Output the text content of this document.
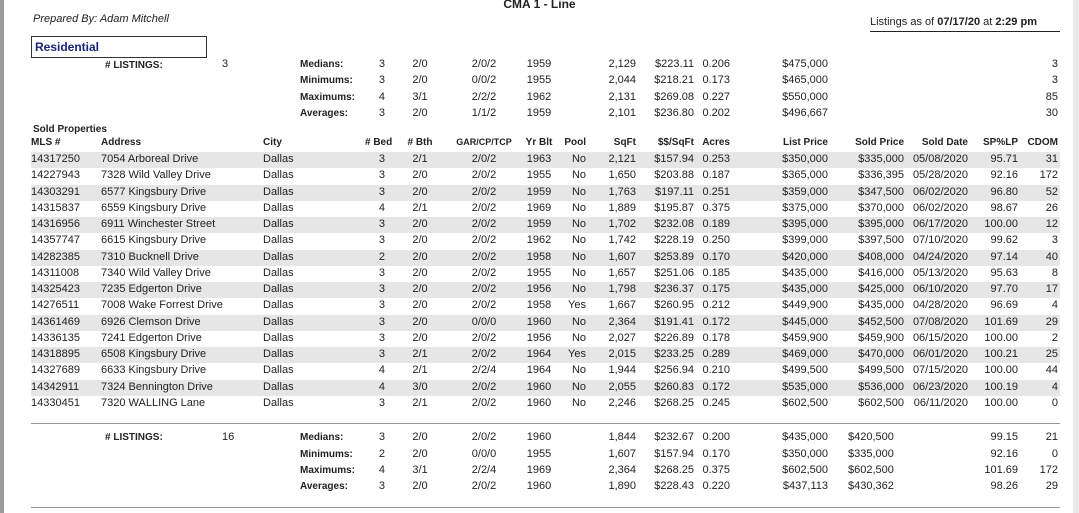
CMA 1 - Line
Prepared By: Adam Mitchell	Listings as of 07/17/20 at 2:29 pm
Residential
# LISTINGS:	3	Medians:	3	2/0	2/0/2	1959	2,129	$223.11 0.206	$475,000	3
Minimums:	3	2/0	0/0/2	1955	2,044	$218.21 0.173	$465,000	3
Maximums:	4	3/1	2/2/2	1962	2,131	$269.08 0.227	$550,000	85
Averages:	3	2/0	1/1/2	1959	2,101	$236.80 0.202	$496,667	30
Sold Properties
MLS #	Address	City	# Bed # Bth	GAR/CP/TCP	Yr Blt	Pool	SqFt	$$/SqFt Acres	List Price	Sold Price	Sold Date	SP%LP CDOM
14317250	7054 Arboreal Drive	Dallas	3	2/1	2/0/2	1963	No	2,121	$157.94 0.253	$350,000	$335,000 05/08/2020	95.71	31
14227943	7328 Wild Valley Drive	Dallas	3	2/0	2/0/2	1955	No	1,650	$203.88 0.187	$365,000	$336,395 05/28/2020	92.16	172
14303291	6577 Kingsbury Drive	Dallas	3	2/0	2/0/2	1959	No	1,763	$197.11 0.251	$359,000	$347,500 06/02/2020	96.80	52
14315837	6559 Kingsbury Drive	Dallas	4	2/1	2/0/2	1969	No	1,889	$195.87 0.375	$375,000	$370,000 06/02/2020	98.67	26
14316956	6911 Winchester Street	Dallas	3	2/0	2/0/2	1959	No	1,702	$232.08 0.189	$395,000	$395,000 06/17/2020	100.00	12
14357747	6615 Kingsbury Drive	Dallas	3	2/0	2/0/2	1962	No	1,742	$228.19 0.250	$399,000	$397,500 07/10/2020	99.62	3
14282385	7310 Bucknell Drive	Dallas	2	2/0	2/0/2	1958	No	1,607	$253.89 0.170	$420,000	$408,000 04/24/2020	97.14	40
14311008	7340 Wild Valley Drive	Dallas	3	2/0	2/0/2	1955	No	1,657	$251.06 0.185	$435,000	$416,000 05/13/2020	95.63	8
14325423	7235 Edgerton Drive	Dallas	3	2/0	2/0/2	1956	No	1,798	$236.37 0.175	$435,000	$425,000 06/10/2020	97.70	17
14276511	7008 Wake Forrest Drive	Dallas	3	2/0	2/0/2	1958	Yes	1,667	$260.95 0.212	$449,900	$435,000 04/28/2020	96.69	4
14361469	6926 Clemson Drive	Dallas	3	2/0	0/0/0	1960	No	2,364	$191.41 0.172	$445,000	$452,500 07/08/2020	101.69	29
14336135	7241 Edgerton Drive	Dallas	3	2/0	2/0/2	1956	No	2,027	$226.89 0.178	$459,900	$459,900 06/15/2020	100.00	2
14318895	6508 Kingsbury Drive	Dallas	3	2/1	2/0/2	1964	Yes	2,015	$233.25 0.289	$469,000	$470,000 06/01/2020	100.21	25
14327689	6633 Kingsbury Drive	Dallas	4	2/1	2/2/4	1964	No	1,944	$256.94 0.210	$499,500	$499,500 07/15/2020	100.00	44
14342911	7324 Bennington Drive	Dallas	4	3/0	2/0/2	1960	No	2,055	$260.83 0.172	$535,000	$536,000 06/23/2020	100.19	4
14330451	7320 WALLING Lane	Dallas	3	2/1	2/0/2	1960	No	2,246	$268.25 0.245	$602,500	$602,500 06/11/2020	100.00	0
# LISTINGS:	16	Medians:	3	2/0	2/0/2	1960	1,844	$232.67 0.200	$435,000 $420,500	99.15	21
Minimums:	2	2/0	0/0/0	1955	1,607	$157.94 0.170	$350,000 $335,000	92.16	0
Maximums:	4	3/1	2/2/4	1969	2,364	$268.25 0.375	$602,500 $602,500	101.69	172
Averages:	3	2/0	2/0/2	1960	1,890	$228.43 0.220	$437,113 $430,362	98.26	29
